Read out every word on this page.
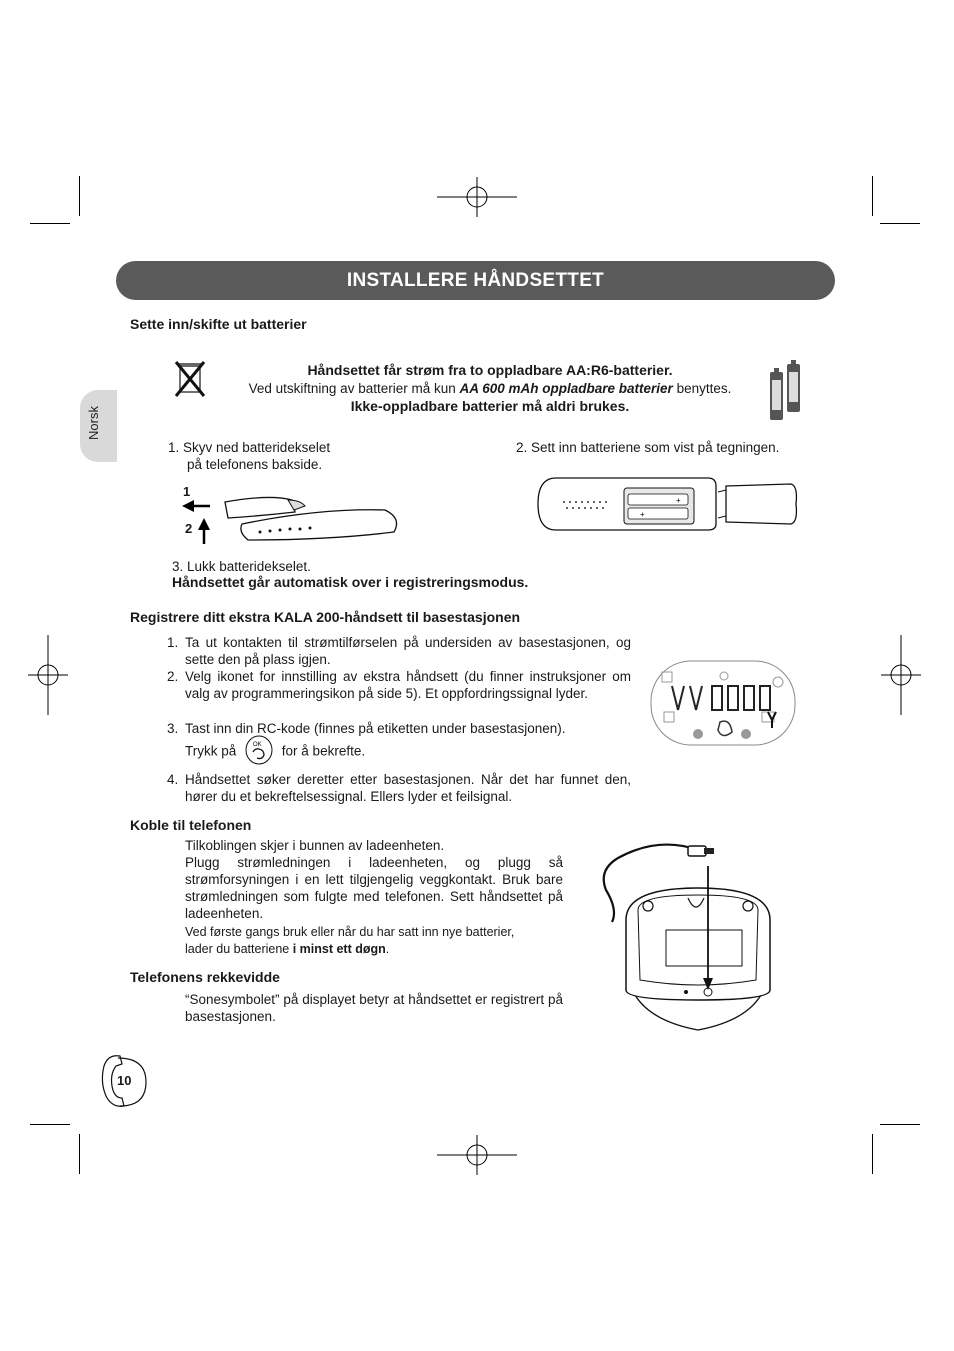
INSTALLERE HÅNDSETTET
Norsk
Sette inn/skifte ut batterier
Håndsettet får strøm fra to oppladbare AA:R6-batterier.
Ved utskiftning av batterier må kun AA 600 mAh oppladbare batterier benyttes.
Ikke-oppladbare batterier må aldri brukes.
1. Skyv ned batteridekselet
på telefonens bakside.
2. Sett inn batteriene som vist på tegningen.
1
2
+
+
3. Lukk batteridekselet.
Håndsettet går automatisk over i registreringsmodus.
Registrere ditt ekstra KALA 200-håndsett til basestasjonen
1. Ta ut kontakten til strømtilførselen på undersiden av basestasjonen, og sette den på plass igjen.
2. Velg ikonet for innstilling av ekstra håndsett (du finner instruksjoner om valg av programmeringsikon på side 5). Et oppfordringssignal lyder.
3. Tast inn din RC-kode (finnes på etiketten under basestasjonen).
Trykk på	OK for å bekrefte.
4. Håndsettet søker deretter etter basestasjonen. Når det har funnet den, hører du et bekreftelsessignal. Ellers lyder et feilsignal.
Koble til telefonen
Tilkoblingen skjer i bunnen av ladeenheten.
Plugg strømledningen i ladeenheten, og plugg så strømforsyningen i en lett tilgjengelig veggkontakt. Bruk bare strømledningen som fulgte med telefonen. Sett håndsettet på ladeenheten.
Ved første gangs bruk eller når du har satt inn nye batterier,
lader du batteriene i minst ett døgn.
Telefonens rekkevidde
“Sonesymbolet” på displayet betyr at håndsettet er registrert på basestasjonen.
10
